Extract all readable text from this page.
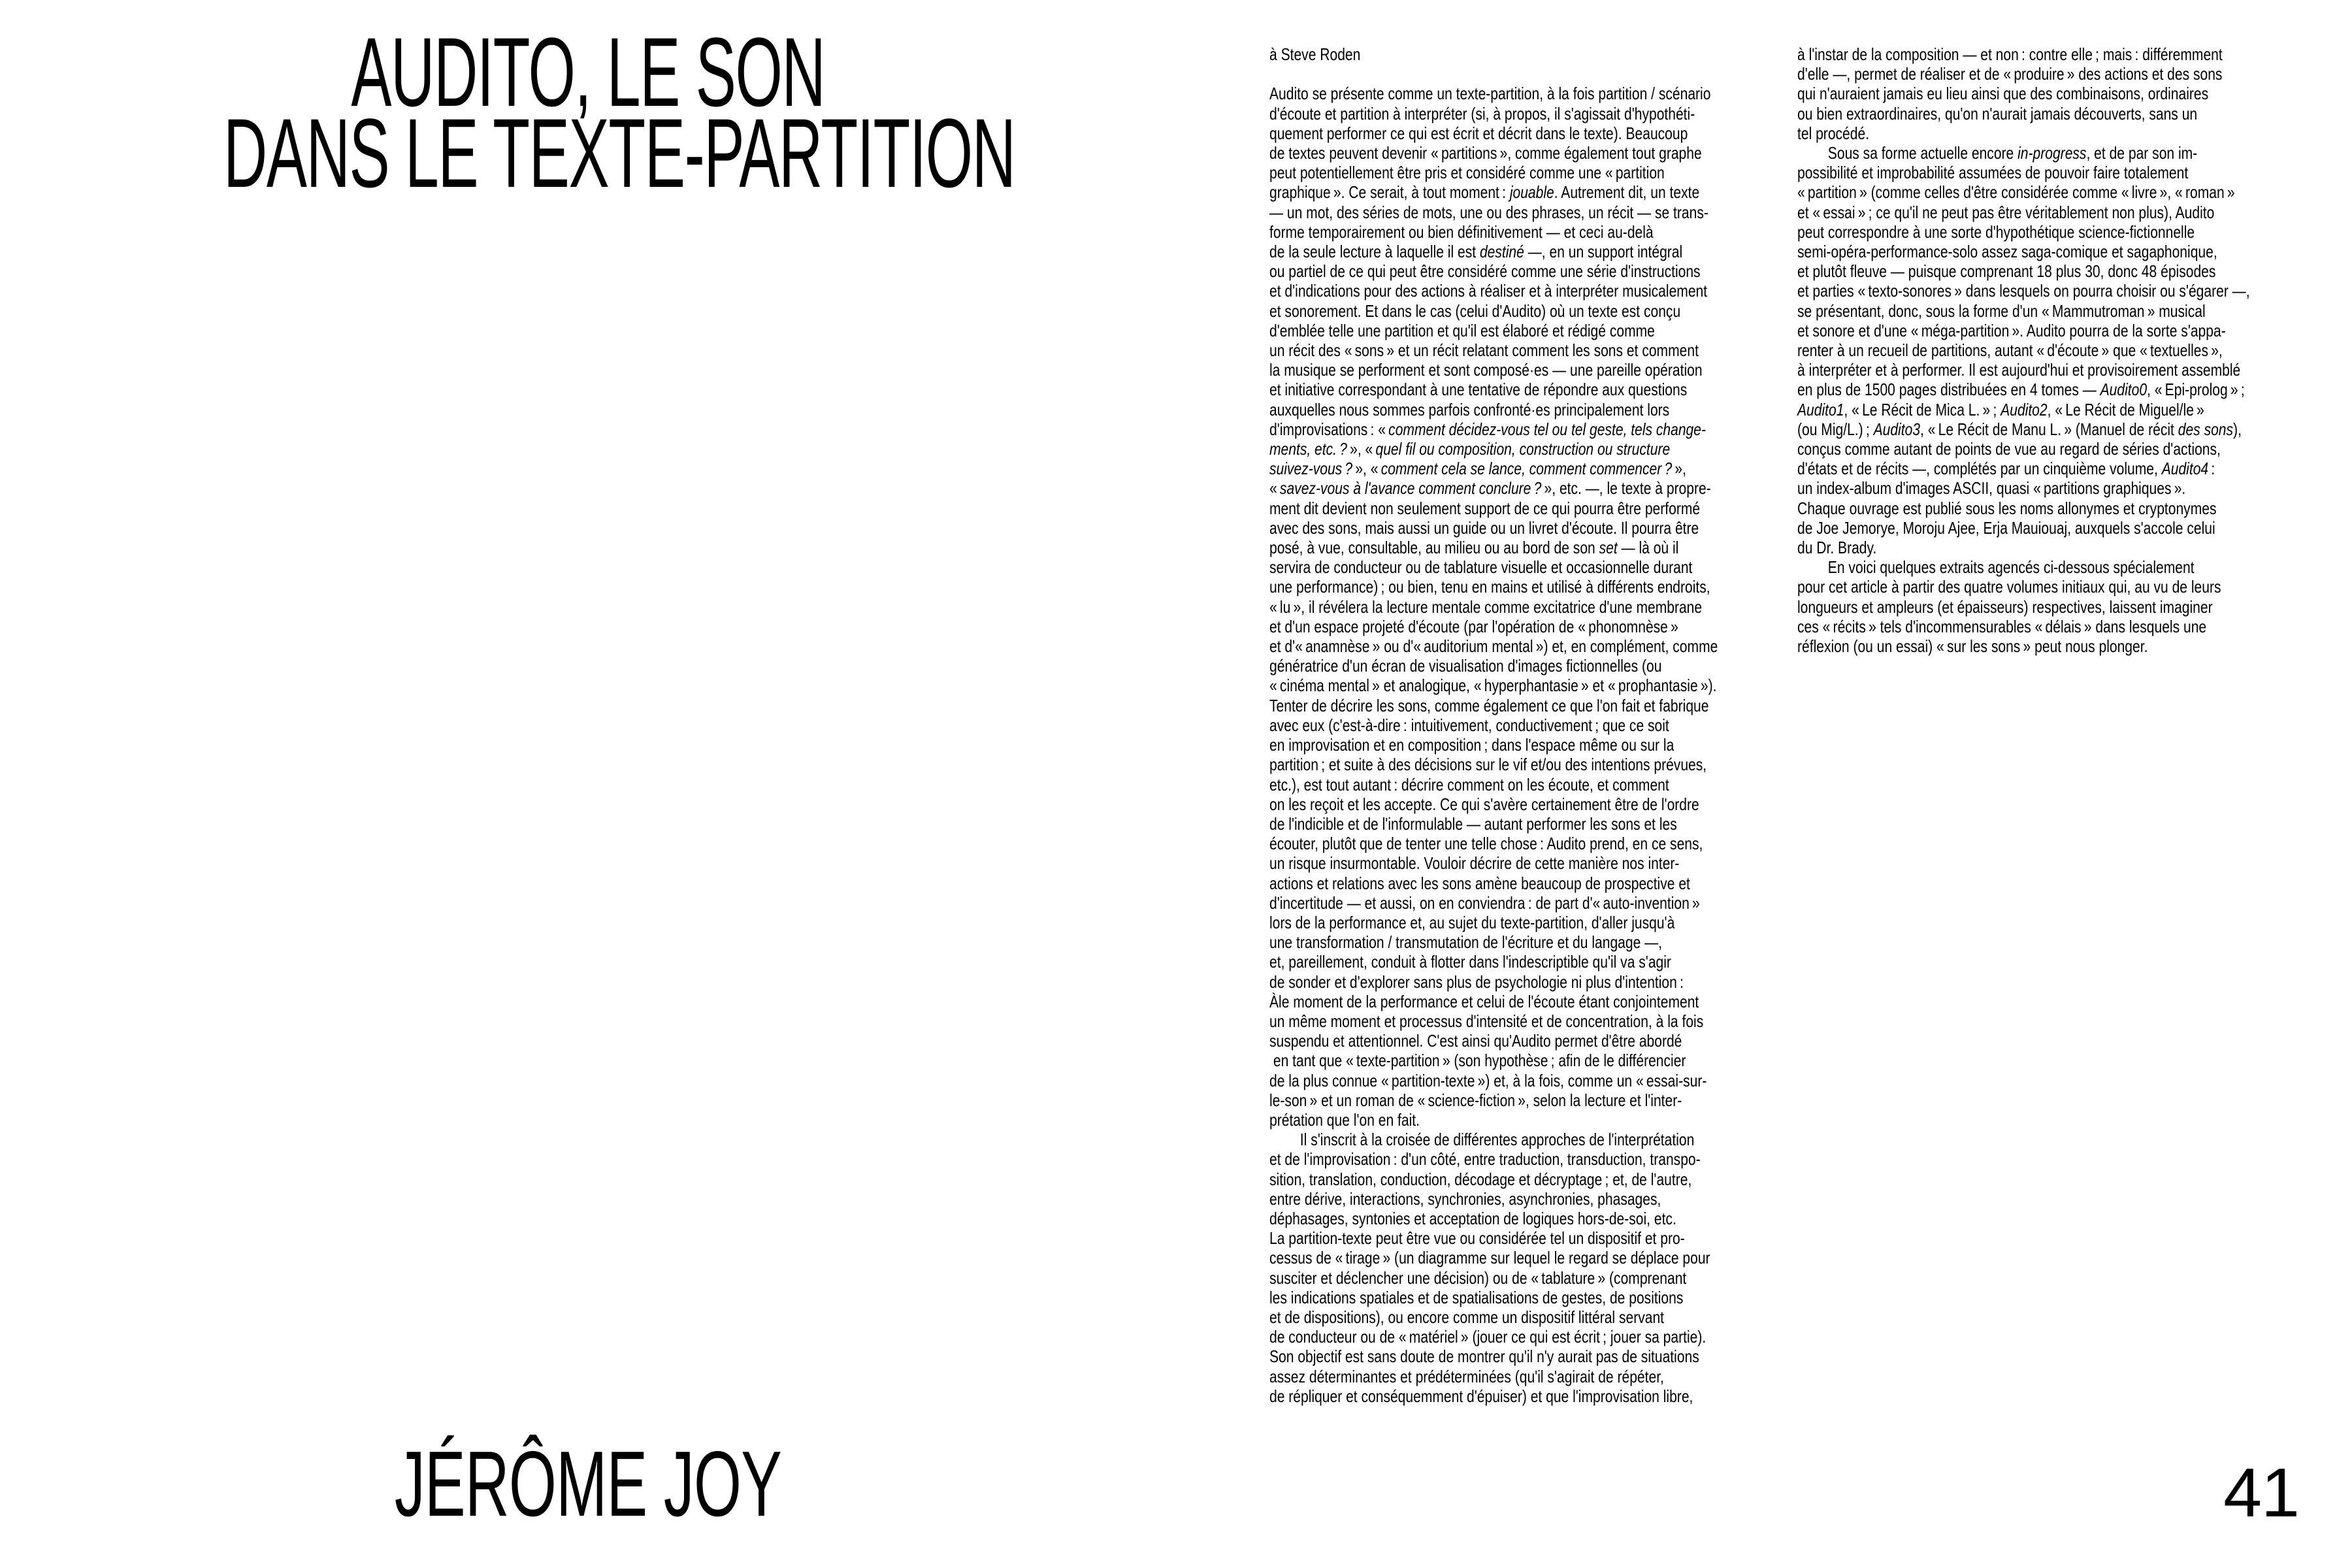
AUDITO, LE SON
DANS LE TEXTE-PARTITION
à Steve Roden
Audito se présente comme un texte-partition, à la fois partition / scénario
d'écoute et partition à interpréter (si, à propos, il s'agissait d'hypothéti-
quement performer ce qui est écrit et décrit dans le texte). Beaucoup
de textes peuvent devenir « partitions », comme également tout graphe
peut potentiellement être pris et considéré comme une « partition
graphique ». Ce serait, à tout moment : jouable. Autrement dit, un texte
— un mot, des séries de mots, une ou des phrases, un récit — se trans-
forme temporairement ou bien définitivement — et ceci au-delà
de la seule lecture à laquelle il est destiné —, en un support intégral
ou partiel de ce qui peut être considéré comme une série d'instructions
et d'indications pour des actions à réaliser et à interpréter musicalement
et sonorement. Et dans le cas (celui d'Audito) où un texte est conçu
d'emblée telle une partition et qu'il est élaboré et rédigé comme
un récit des « sons » et un récit relatant comment les sons et comment
la musique se performent et sont composé·es — une pareille opération
et initiative correspondant à une tentative de répondre aux questions
auxquelles nous sommes parfois confronté·es principalement lors
d'improvisations : « comment décidez-vous tel ou tel geste, tels change-
ments, etc. ? », « quel fil ou composition, construction ou structure
suivez-vous ? », « comment cela se lance, comment commencer ? »,
« savez-vous à l'avance comment conclure ? », etc. —, le texte à propre-
ment dit devient non seulement support de ce qui pourra être performé
avec des sons, mais aussi un guide ou un livret d'écoute. Il pourra être
posé, à vue, consultable, au milieu ou au bord de son set — là où il
servira de conducteur ou de tablature visuelle et occasionnelle durant
une performance) ; ou bien, tenu en mains et utilisé à différents endroits,
« lu », il révélera la lecture mentale comme excitatrice d'une membrane
et d'un espace projeté d'écoute (par l'opération de « phonomnèse »
et d'« anamnèse » ou d'« auditorium mental ») et, en complément, comme
génératrice d'un écran de visualisation d'images fictionnelles (ou
« cinéma mental » et analogique, « hyperphantasie » et « prophantasie »).
Tenter de décrire les sons, comme également ce que l'on fait et fabrique
avec eux (c'est-à-dire : intuitivement, conductivement ; que ce soit
en improvisation et en composition ; dans l'espace même ou sur la
partition ; et suite à des décisions sur le vif et/ou des intentions prévues,
etc.), est tout autant : décrire comment on les écoute, et comment
on les reçoit et les accepte. Ce qui s'avère certainement être de l'ordre
de l'indicible et de l'informulable — autant performer les sons et les
écouter, plutôt que de tenter une telle chose : Audito prend, en ce sens,
un risque insurmontable. Vouloir décrire de cette manière nos inter-
actions et relations avec les sons amène beaucoup de prospective et
d'incertitude — et aussi, on en conviendra : de part d'« auto-invention »
lors de la performance et, au sujet du texte-partition, d'aller jusqu'à
une transformation / transmutation de l'écriture et du langage —,
et, pareillement, conduit à flotter dans l'indescriptible qu'il va s'agir
de sonder et d'explorer sans plus de psychologie ni plus d'intention :
Àle moment de la performance et celui de l'écoute étant conjointement
un même moment et processus d'intensité et de concentration, à la fois
suspendu et attentionnel. C'est ainsi qu'Audito permet d'être abordé
en tant que « texte-partition » (son hypothèse ; afin de le différencier
de la plus connue « partition-texte ») et, à la fois, comme un « essai-sur-
le-son » et un roman de « science-fiction », selon la lecture et l'inter-
prétation que l'on en fait.
Il s'inscrit à la croisée de différentes approches de l'interprétation
et de l'improvisation : d'un côté, entre traduction, transduction, transpo-
sition, translation, conduction, décodage et décryptage ; et, de l'autre,
entre dérive, interactions, synchronies, asynchronies, phasages,
déphasages, syntonies et acceptation de logiques hors-de-soi, etc.
La partition-texte peut être vue ou considérée tel un dispositif et pro-
cessus de « tirage » (un diagramme sur lequel le regard se déplace pour
susciter et déclencher une décision) ou de « tablature » (comprenant
les indications spatiales et de spatialisations de gestes, de positions
et de dispositions), ou encore comme un dispositif littéral servant
de conducteur ou de « matériel » (jouer ce qui est écrit ; jouer sa partie).
Son objectif est sans doute de montrer qu'il n'y aurait pas de situations
assez déterminantes et prédéterminées (qu'il s'agirait de répéter,
de répliquer et conséquemment d'épuiser) et que l'improvisation libre,
à l'instar de la composition — et non : contre elle ; mais : différemment
d'elle —, permet de réaliser et de « produire » des actions et des sons
qui n'auraient jamais eu lieu ainsi que des combinaisons, ordinaires
ou bien extraordinaires, qu'on n'aurait jamais découverts, sans un
tel procédé.
Sous sa forme actuelle encore in-progress, et de par son im-
possibilité et improbabilité assumées de pouvoir faire totalement
« partition » (comme celles d'être considérée comme « livre », « roman »
et « essai » ; ce qu'il ne peut pas être véritablement non plus), Audito
peut correspondre à une sorte d'hypothétique science-fictionnelle
semi-opéra-performance-solo assez saga-comique et sagaphonique,
et plutôt fleuve — puisque comprenant 18 plus 30, donc 48 épisodes
et parties « texto-sonores » dans lesquels on pourra choisir ou s'égarer —,
se présentant, donc, sous la forme d'un « Mammutroman » musical
et sonore et d'une « méga-partition ». Audito pourra de la sorte s'appa-
renter à un recueil de partitions, autant « d'écoute » que « textuelles »,
à interpréter et à performer. Il est aujourd'hui et provisoirement assemblé
en plus de 1500 pages distribuées en 4 tomes — Audito0, « Epi-prolog » ;
Audito1, « Le Récit de Mica L. » ; Audito2, « Le Récit de Miguel/le »
(ou Mig/L.) ; Audito3, « Le Récit de Manu L. » (Manuel de récit des sons),
conçus comme autant de points de vue au regard de séries d'actions,
d'états et de récits —, complétés par un cinquième volume, Audito4 :
un index-album d'images ASCII, quasi « partitions graphiques ».
Chaque ouvrage est publié sous les noms allonymes et cryptonymes
de Joe Jemorye, Moroju Ajee, Erja Mauiouaj, auxquels s'accole celui
du Dr. Brady.
En voici quelques extraits agencés ci-dessous spécialement
pour cet article à partir des quatre volumes initiaux qui, au vu de leurs
longueurs et ampleurs (et épaisseurs) respectives, laissent imaginer
ces « récits » tels d'incommensurables « délais » dans lesquels une
réflexion (ou un essai) « sur les sons » peut nous plonger.
JÉRÔME JOY	41
